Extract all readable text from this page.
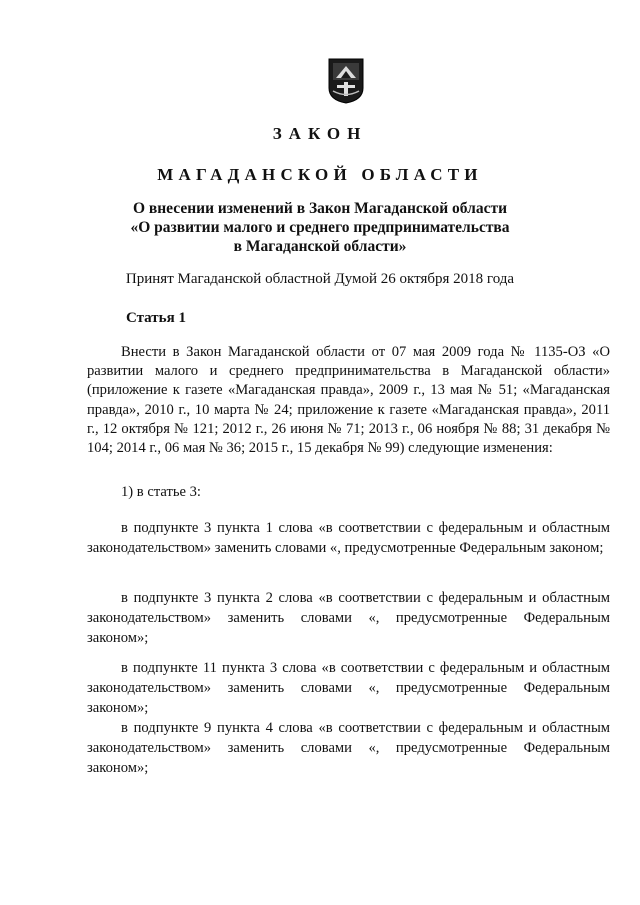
ЗАКОН
МАГАДАНСКОЙ ОБЛАСТИ
О внесении изменений в Закон Магаданской области
«О развитии малого и среднего предпринимательства
в Магаданской области»
Принят Магаданской областной Думой 26 октября 2018 года
Статья 1
Внести в Закон Магаданской области от 07 мая 2009 года № 1135-ОЗ «О развитии малого и среднего предпринимательства в Магаданской области» (приложение к газете «Магаданская правда», 2009 г., 13 мая № 51; «Магаданская правда», 2010 г., 10 марта № 24; приложение к газете «Магаданская правда», 2011 г., 12 октября № 121; 2012 г., 26 июня № 71; 2013 г., 06 ноября № 88; 31 декабря № 104; 2014 г., 06 мая № 36; 2015 г., 15 декабря № 99) следующие изменения:
1) в статье 3:
в подпункте 3 пункта 1 слова «в соответствии с федеральным и областным законодательством» заменить словами «, предусмотренные Федеральным законом;
в подпункте 3 пункта 2 слова «в соответствии с федеральным и областным законодательством» заменить словами «, предусмотренные Федеральным законом»;
в подпункте 11 пункта 3 слова «в соответствии с федеральным и областным законодательством» заменить словами «, предусмотренные Федеральным законом»;
в подпункте 9 пункта 4 слова «в соответствии с федеральным и областным законодательством» заменить словами «, предусмотренные Федеральным законом»;
